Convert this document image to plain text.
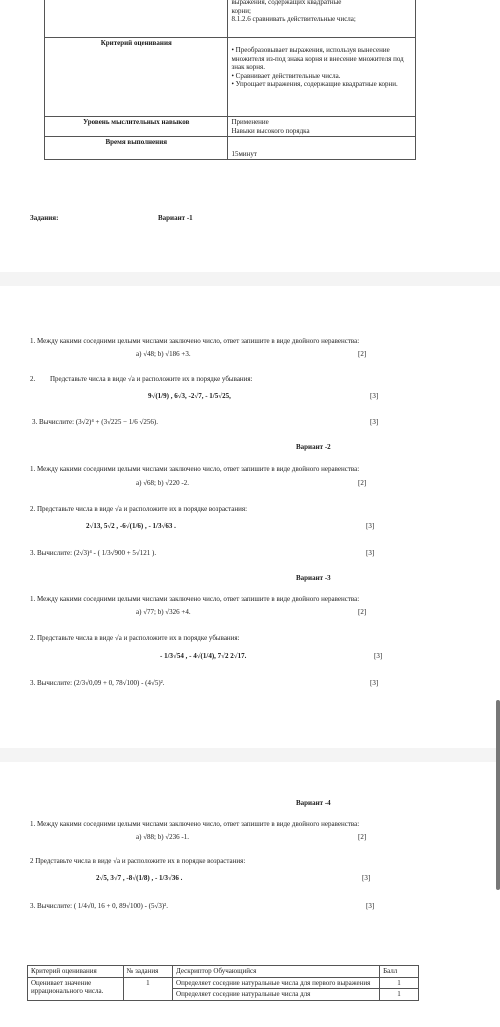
	выражения, содержащих квадратные
корни;
8.1.2.6 сравнивать действительные числа;

Критерий оценивания	• Преобразовывает выражения, используя вынесение множителя из-под знака корня и внесение множителя под знак корня.
• Сравнивает действительные числа.
• Упрощает выражения, содержащие квадратные корни.

Уровень мыслительных навыков	Применение
Навыки высокого порядка

Время выполнения	15минут
Задания:	Вариант -1
1. Между какими соседними целыми числами заключено число, ответ запишите в виде двойного неравенства:
а) √48; b) √186 +3.	[2]
2. Представьте числа в виде √a и расположите их в порядке убывания:
9√(1/9) , 6√3, -2√7, - 1/5√25,	[3]
3. Вычислите: (3√2)⁴ + (3√225 − 1/6 √256).	[3]
Вариант -2
1. Между какими соседними целыми числами заключено число, ответ запишите в виде двойного неравенства:
а) √68; b) √220 -2.	[2]
2. Представьте числа в виде √a и расположите их в порядке возрастания:
2√13, 5√2 , -6√(1/6) , - 1/3√63 .	[3]
3. Вычислите: (2√3)⁴ - ( 1/3√900 + 5√121 ).	[3]
Вариант -3
1. Между какими соседними целыми числами заключено число, ответ запишите в виде двойного неравенства:
а) √77; b) √326 +4.	[2]
2. Представьте числа в виде √a и расположите их в порядке убывания:
- 1/3√54 , - 4√(1/4), 7√2 2√17.	[3]
3. Вычислите: (2/3√0,09 + 0, 78√100) - (4√5)².	[3]
Вариант -4
1. Между какими соседними целыми числами заключено число, ответ запишите в виде двойного неравенства:
а) √88; b) √236 -1.	[2]
2 Представьте числа в виде √a и расположите их в порядке возрастания:
2√5, 3√7 , -8√(1/8) , - 1/3√36 .	[3]
3. Вычислите: ( 1/4√0, 16 + 0, 89√100) - (5√3)².	[3]
Критерий оценивания	№ задания	Дескриптор Обучающийся	Балл
Оценивает значение иррационального числа.	1	Определяет соседние натуральные числа для первого выражения	1
		Определяет соседние натуральные числа для	1
